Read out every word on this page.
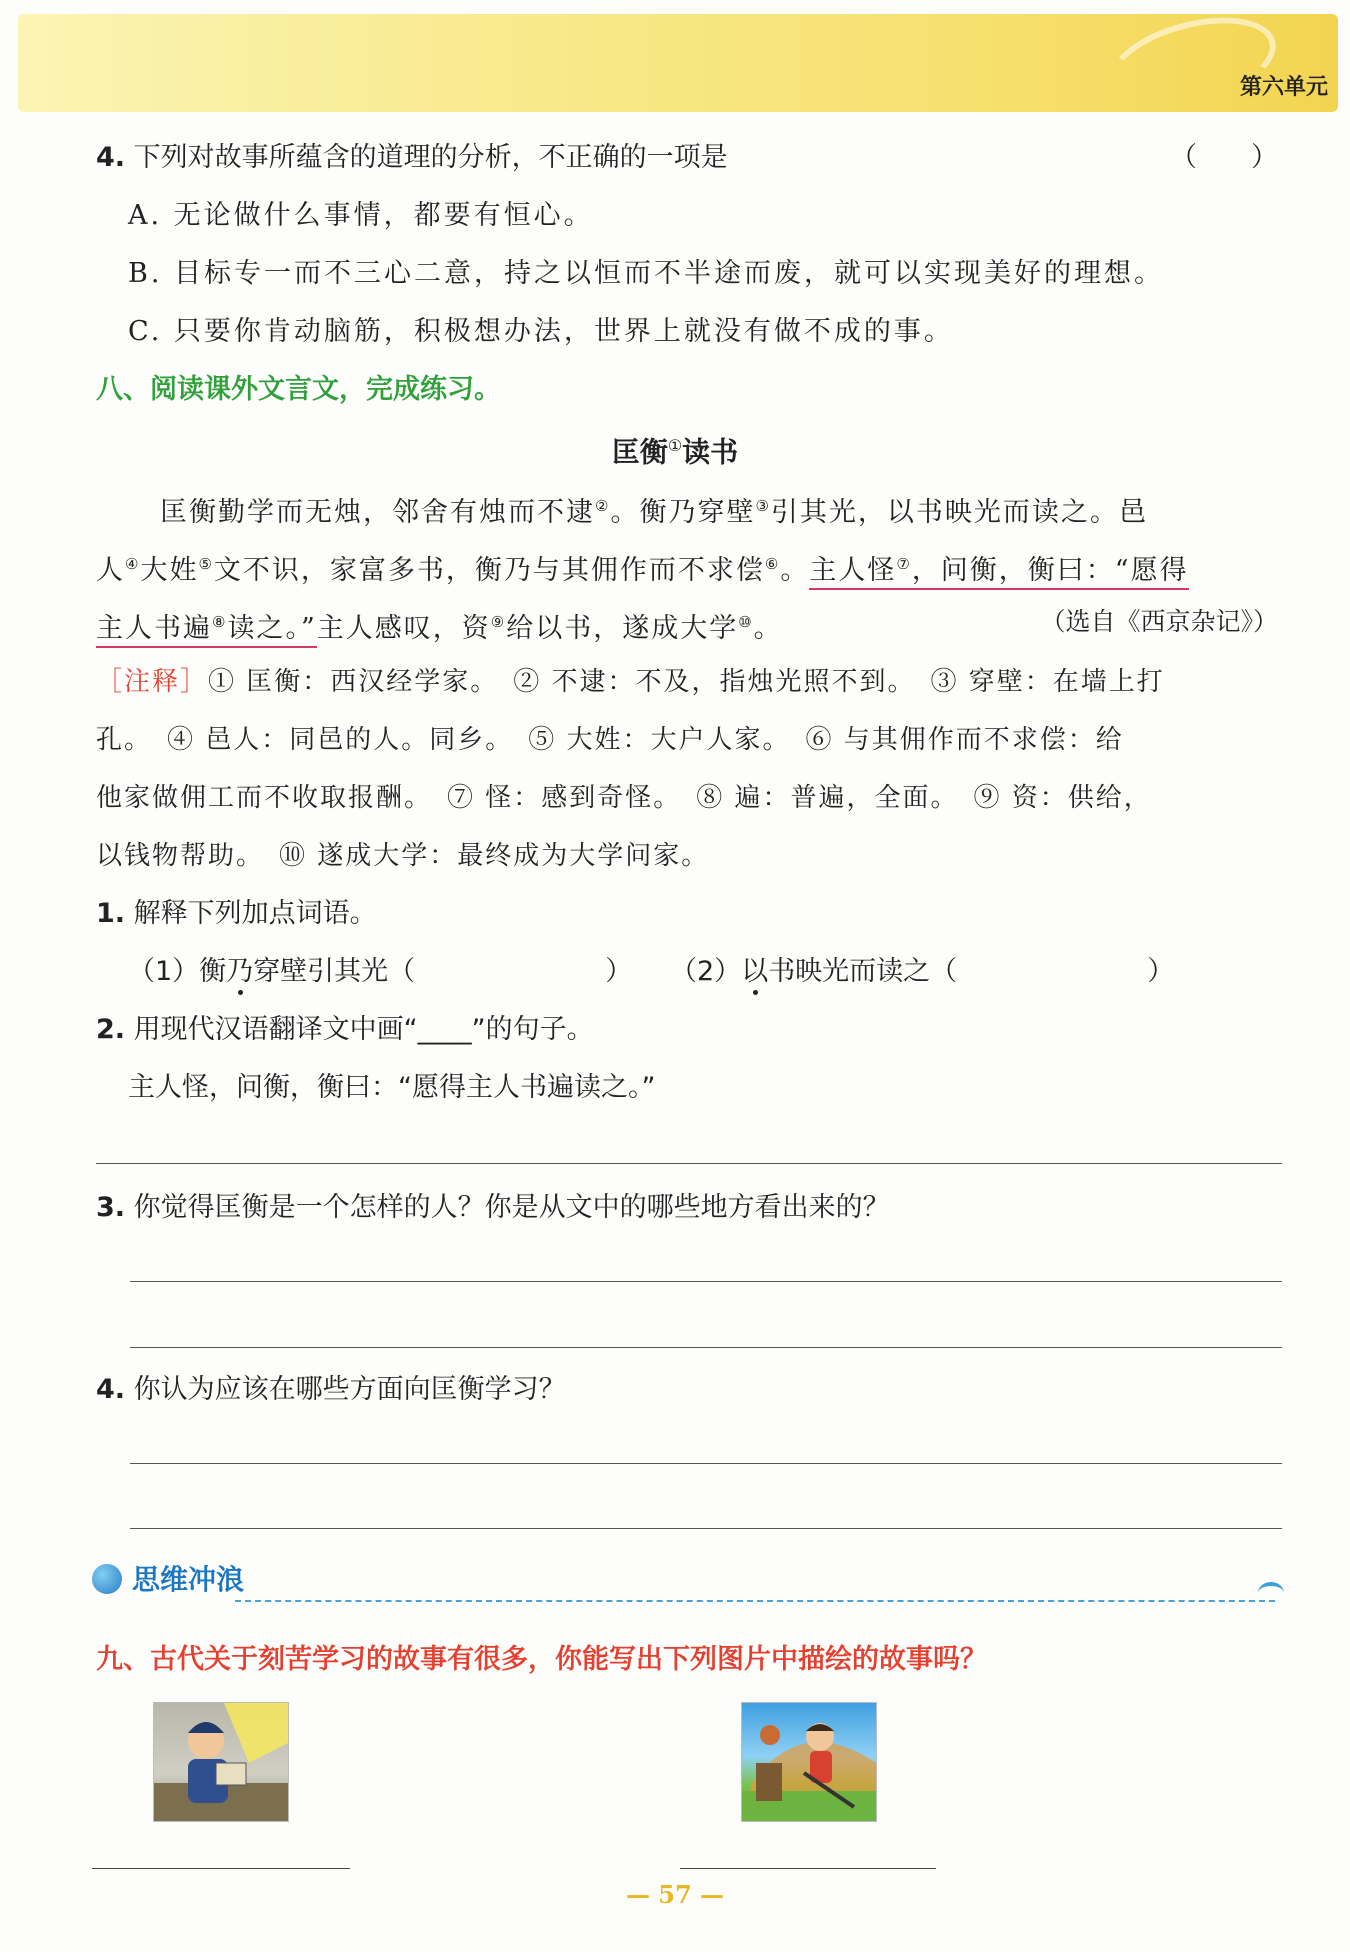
第六单元
4. 下列对故事所蕴含的道理的分析，不正确的一项是	（　　）
A. 无论做什么事情，都要有恒心。
B. 目标专一而不三心二意，持之以恒而不半途而废，就可以实现美好的理想。
C. 只要你肯动脑筋，积极想办法，世界上就没有做不成的事。
八、阅读课外文言文，完成练习。
匡衡①读书
匡衡勤学而无烛，邻舍有烛而不逮②。衡乃穿壁③引其光，以书映光而读之。邑
人④大姓⑤文不识，家富多书，衡乃与其佣作而不求偿⑥。主人怪⑦，问衡，衡曰：“愿得
主人书遍⑧读之。”主人感叹，资⑨给以书，遂成大学⑩。	（选自《西京杂记》）
［注释］① 匡衡：西汉经学家。　② 不逮：不及，指烛光照不到。　③ 穿壁：在墙上打
孔。　④ 邑人：同邑的人。同乡。　⑤ 大姓：大户人家。　⑥ 与其佣作而不求偿：给
他家做佣工而不收取报酬。　⑦ 怪：感到奇怪。　⑧ 遍：普遍，全面。　⑨ 资：供给，
以钱物帮助。　⑩ 遂成大学：最终成为大学问家。
1. 解释下列加点词语。
（1）衡乃穿壁引其光（	） （2）以书映光而读之（	）
2. 用现代汉语翻译文中画“____”的句子。
主人怪，问衡，衡曰：“愿得主人书遍读之。”
3. 你觉得匡衡是一个怎样的人？你是从文中的哪些地方看出来的？
4. 你认为应该在哪些方面向匡衡学习？
思维冲浪
九、古代关于刻苦学习的故事有很多，你能写出下列图片中描绘的故事吗？
— 57 —
